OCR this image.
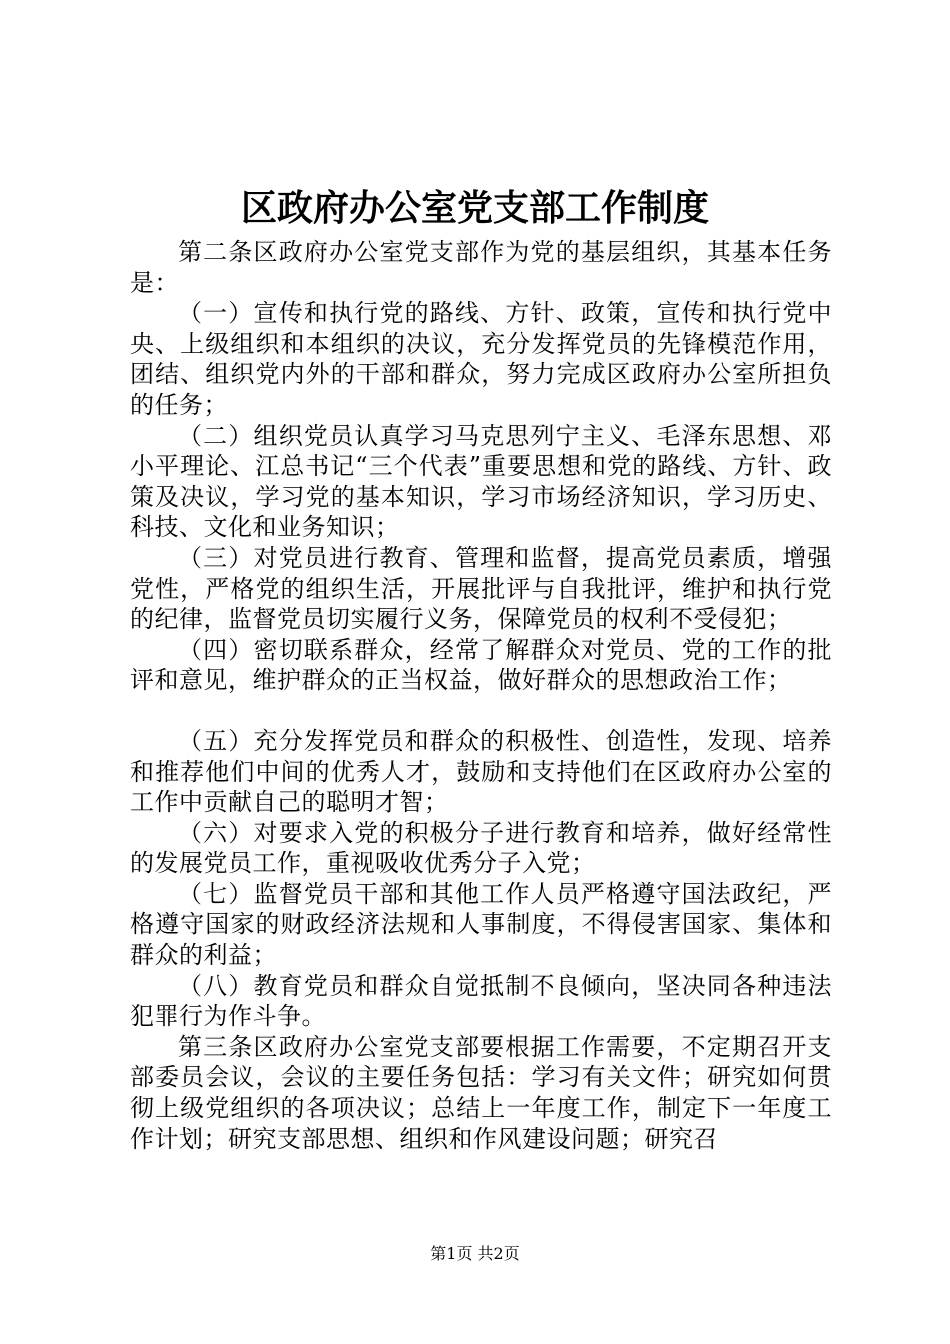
区政府办公室党支部工作制度

第二条区政府办公室党支部作为党的基层组织，其基本任务是：

（一）宣传和执行党的路线、方针、政策，宣传和执行党中央、上级组织和本组织的决议，充分发挥党员的先锋模范作用，团结、组织党内外的干部和群众，努力完成区政府办公室所担负的任务；

（二）组织党员认真学习马克思列宁主义、毛泽东思想、邓小平理论、江总书记“三个代表”重要思想和党的路线、方针、政策及决议，学习党的基本知识，学习市场经济知识，学习历史、科技、文化和业务知识；

（三）对党员进行教育、管理和监督，提高党员素质，增强党性，严格党的组织生活，开展批评与自我批评，维护和执行党的纪律，监督党员切实履行义务，保障党员的权利不受侵犯；

（四）密切联系群众，经常了解群众对党员、党的工作的批评和意见，维护群众的正当权益，做好群众的思想政治工作；

（五）充分发挥党员和群众的积极性、创造性，发现、培养和推荐他们中间的优秀人才，鼓励和支持他们在区政府办公室的工作中贡献自己的聪明才智；

（六）对要求入党的积极分子进行教育和培养，做好经常性的发展党员工作，重视吸收优秀分子入党；

（七）监督党员干部和其他工作人员严格遵守国法政纪，严格遵守国家的财政经济法规和人事制度，不得侵害国家、集体和群众的利益；

（八）教育党员和群众自觉抵制不良倾向，坚决同各种违法犯罪行为作斗争。

第三条区政府办公室党支部要根据工作需要，不定期召开支部委员会议，会议的主要任务包括：学习有关文件；研究如何贯彻上级党组织的各项决议；总结上一年度工作，制定下一年度工作计划；研究支部思想、组织和作风建设问题；研究召

第1页 共2页
